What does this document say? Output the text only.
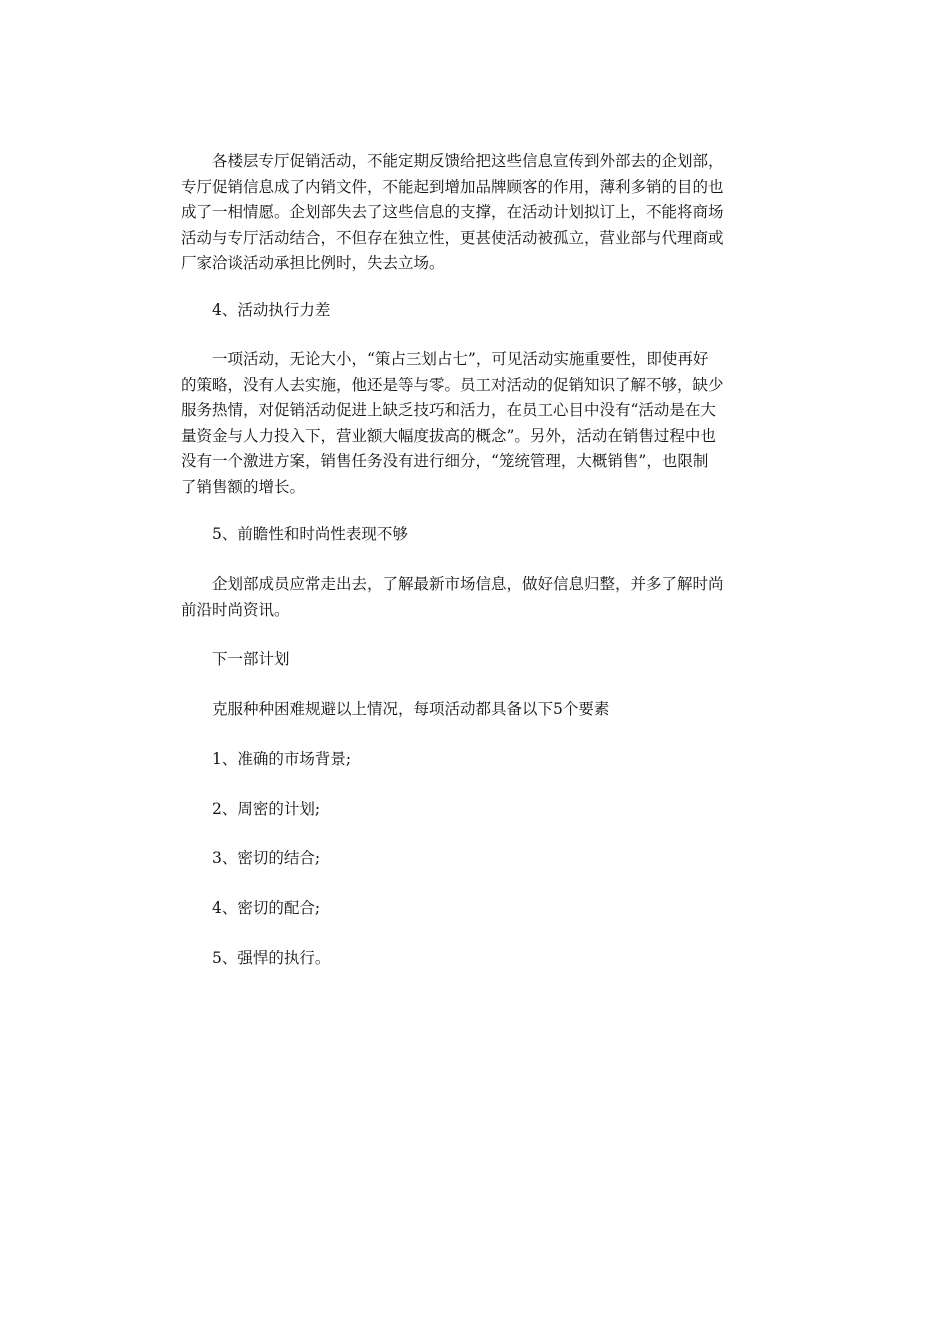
各楼层专厅促销活动，不能定期反馈给把这些信息宣传到外部去的企划部，
专厅促销信息成了内销文件，不能起到增加品牌顾客的作用，薄利多销的目的也
成了一相情愿。企划部失去了这些信息的支撑，在活动计划拟订上，不能将商场
活动与专厅活动结合，不但存在独立性，更甚使活动被孤立，营业部与代理商或
厂家洽谈活动承担比例时，失去立场。

4、活动执行力差

一项活动，无论大小，“策占三划占七”，可见活动实施重要性，即使再好
的策略，没有人去实施，他还是等与零。员工对活动的促销知识了解不够，缺少
服务热情，对促销活动促进上缺乏技巧和活力，在员工心目中没有“活动是在大
量资金与人力投入下，营业额大幅度拔高的概念”。另外，活动在销售过程中也
没有一个激进方案，销售任务没有进行细分，“笼统管理，大概销售”，也限制
了销售额的增长。

5、前瞻性和时尚性表现不够

企划部成员应常走出去，了解最新市场信息，做好信息归整，并多了解时尚
前沿时尚资讯。

下一部计划

克服种种困难规避以上情况，每项活动都具备以下5个要素

1、准确的市场背景;

2、周密的计划;

3、密切的结合;

4、密切的配合;

5、强悍的执行。
